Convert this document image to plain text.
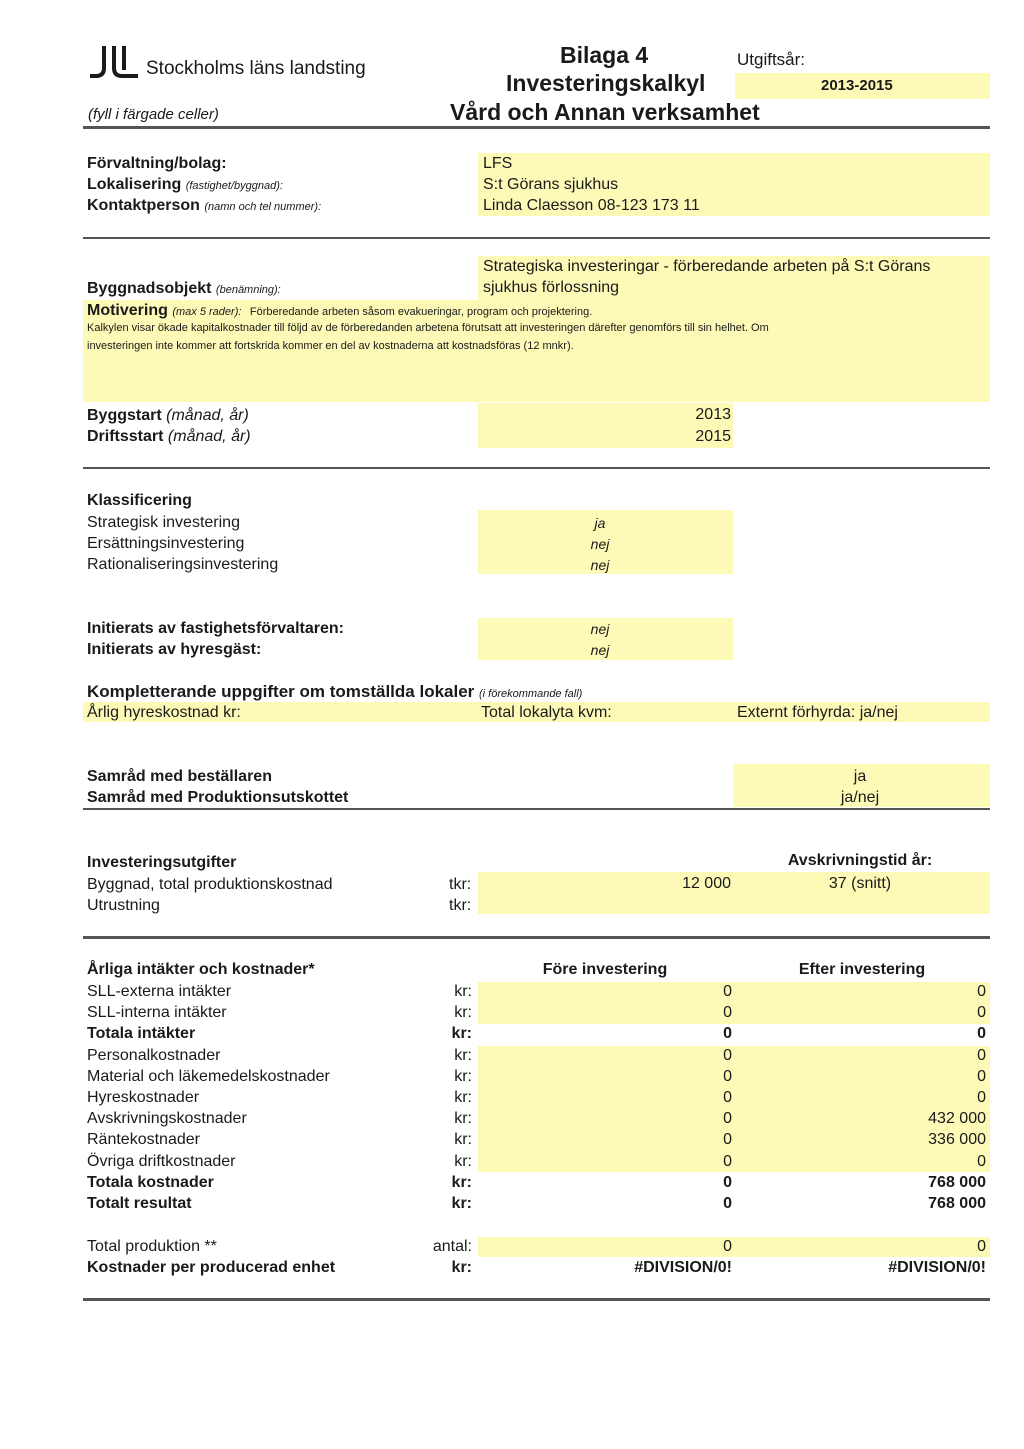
Stockholms läns landsting
(fyll i färgade celler)
Bilaga 4
Investeringskalkyl
Vård och Annan verksamhet
Utgiftsår:
2013-2015
Förvaltning/bolag:	LFS
Lokalisering (fastighet/byggnad):	S:t Görans sjukhus
Kontaktperson (namn och tel nummer):	Linda Claesson 08-123 173 11
Strategiska investeringar - förberedande arbeten på S:t Görans
sjukhus förlossning
Byggnadsobjekt (benämning):
Motivering (max 5 rader): Förberedande arbeten såsom evakueringar, program och projektering.
Kalkylen visar ökade kapitalkostnader till följd av de förberedanden arbetena förutsatt att investeringen därefter genomförs till sin helhet. Om
investeringen inte kommer att fortskrida kommer en del av kostnaderna att kostnadsföras (12 mnkr).
Byggstart (månad, år)	2013
Driftsstart (månad, år)	2015
Klassificering
Strategisk investering	ja
Ersättningsinvestering	nej
Rationaliseringsinvestering	nej
Initierats av fastighetsförvaltaren:	nej
Initierats av hyresgäst:	nej
Kompletterande uppgifter om tomställda lokaler (i förekommande fall)
Årlig hyreskostnad kr:	Total lokalyta kvm:	Externt förhyrda: ja/nej
Samråd med beställaren	ja
Samråd med Produktionsutskottet	ja/nej
Investeringsutgifter	Avskrivningstid år:
Byggnad, total produktionskostnad	tkr:	12 000	37 (snitt)
Utrustning	tkr:
Årliga intäkter och kostnader*	Före investering	Efter investering
SLL-externa intäkter	kr:	0	0
SLL-interna intäkter	kr:	0	0
Totala intäkter	kr:	0	0
Personalkostnader	kr:	0	0
Material och läkemedelskostnader	kr:	0	0
Hyreskostnader	kr:	0	0
Avskrivningskostnader	kr:	0	432 000
Räntekostnader	kr:	0	336 000
Övriga driftkostnader	kr:	0	0
Totala kostnader	kr:	0	768 000
Totalt resultat	kr:	0	768 000
Total produktion **	antal:	0	0
Kostnader per producerad enhet	kr:	#DIVISION/0!	#DIVISION/0!
